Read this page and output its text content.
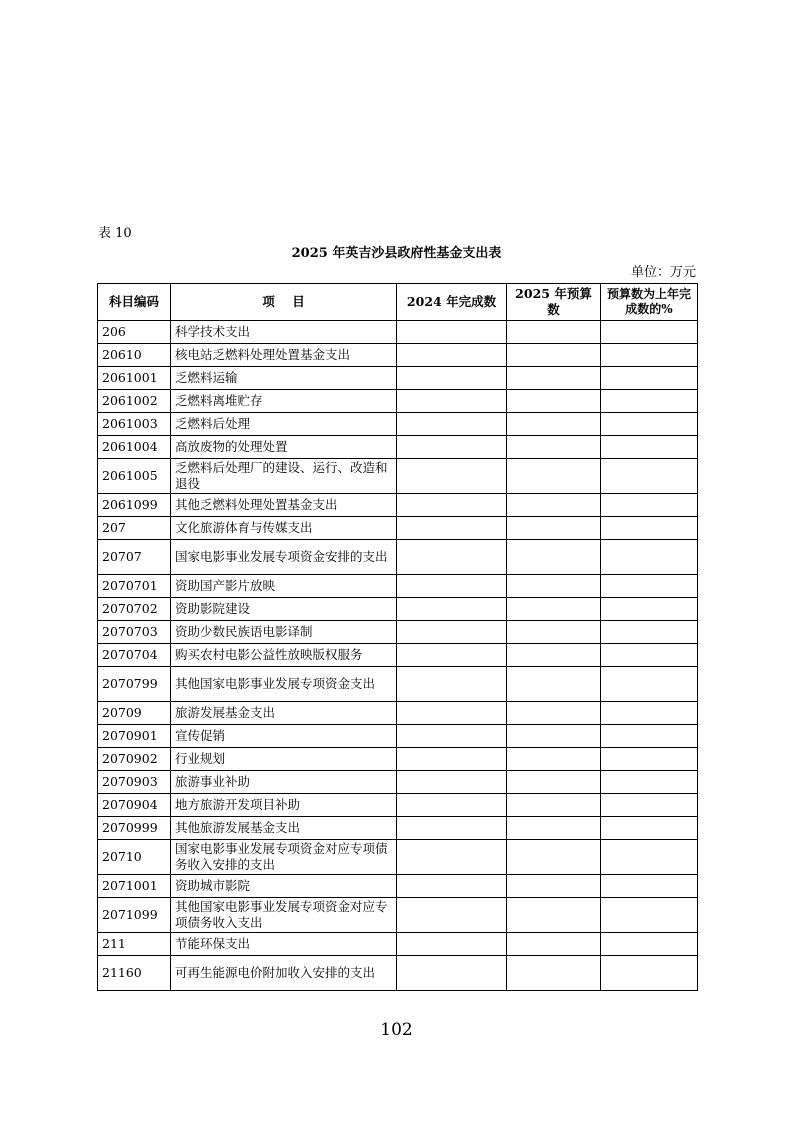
表 10
2025 年英吉沙县政府性基金支出表
单位：万元
科目编码	项    目	2024 年完成数	2025 年预算数	预算数为上年完成数的%
206	科学技术支出			
20610	核电站乏燃料处理处置基金支出			
2061001	乏燃料运输			
2061002	乏燃料离堆贮存			
2061003	乏燃料后处理			
2061004	高放废物的处理处置			
2061005	乏燃料后处理厂的建设、运行、改造和退役			
2061099	其他乏燃料处理处置基金支出			
207	文化旅游体育与传媒支出			
20707	国家电影事业发展专项资金安排的支出			
2070701	资助国产影片放映			
2070702	资助影院建设			
2070703	资助少数民族语电影译制			
2070704	购买农村电影公益性放映版权服务			
2070799	其他国家电影事业发展专项资金支出			
20709	旅游发展基金支出			
2070901	宣传促销			
2070902	行业规划			
2070903	旅游事业补助			
2070904	地方旅游开发项目补助			
2070999	其他旅游发展基金支出			
20710	国家电影事业发展专项资金对应专项债务收入安排的支出			
2071001	资助城市影院			
2071099	其他国家电影事业发展专项资金对应专项债务收入支出			
211	节能环保支出			
21160	可再生能源电价附加收入安排的支出			
102
